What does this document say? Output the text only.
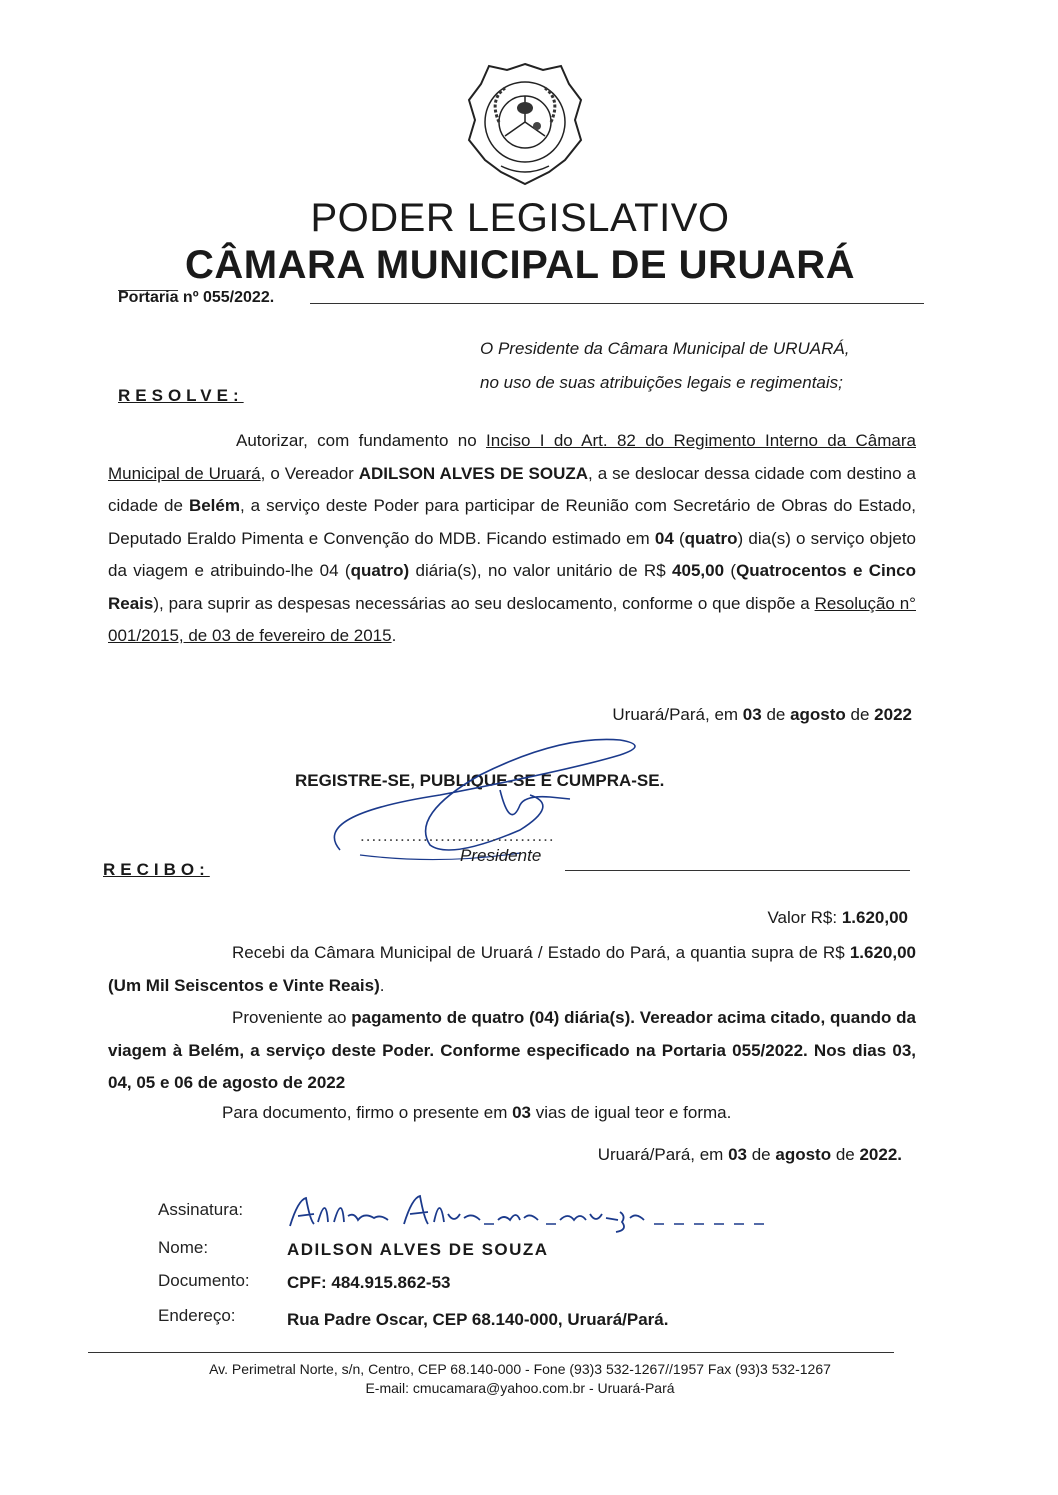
PODER LEGISLATIVO
CÂMARA MUNICIPAL DE URUARÁ
Portaria nº 055/2022.
O Presidente da Câmara Municipal de URUARÁ,
no uso de suas atribuições legais e regimentais;
RESOLVE:
Autorizar, com fundamento no Inciso I do Art. 82 do Regimento Interno da Câmara Municipal de Uruará, o Vereador ADILSON ALVES DE SOUZA, a se deslocar dessa cidade com destino a cidade de Belém, a serviço deste Poder para participar de Reunião com Secretário de Obras do Estado, Deputado Eraldo Pimenta e Convenção do MDB. Ficando estimado em 04 (quatro) dia(s) o serviço objeto da viagem e atribuindo-lhe 04 (quatro) diária(s), no valor unitário de R$ 405,00 (Quatrocentos e Cinco Reais), para suprir as despesas necessárias ao seu deslocamento, conforme o que dispõe a Resolução n° 001/2015, de 03 de fevereiro de 2015.
Uruará/Pará, em 03 de agosto de 2022
REGISTRE-SE, PUBLIQUE-SE E CUMPRA-SE.
..................................
Presidente
RECIBO:
Valor R$: 1.620,00
Recebi da Câmara Municipal de Uruará / Estado do Pará, a quantia supra de R$ 1.620,00 (Um Mil Seiscentos e Vinte Reais).
Proveniente ao pagamento de quatro (04) diária(s). Vereador acima citado, quando da viagem à Belém, a serviço deste Poder. Conforme especificado na Portaria 055/2022. Nos dias 03, 04, 05 e 06 de agosto de 2022
Para documento, firmo o presente em 03 vias de igual teor e forma.
Uruará/Pará, em 03 de agosto de 2022.
Assinatura:
Nome:	ADILSON ALVES DE SOUZA
Documento: CPF: 484.915.862-53
Endereço:	Rua Padre Oscar, CEP 68.140-000, Uruará/Pará.
Av. Perimetral Norte, s/n, Centro, CEP 68.140-000 - Fone (93)3 532-1267//1957 Fax (93)3 532-1267
E-mail: cmucamara@yahoo.com.br - Uruará-Pará
